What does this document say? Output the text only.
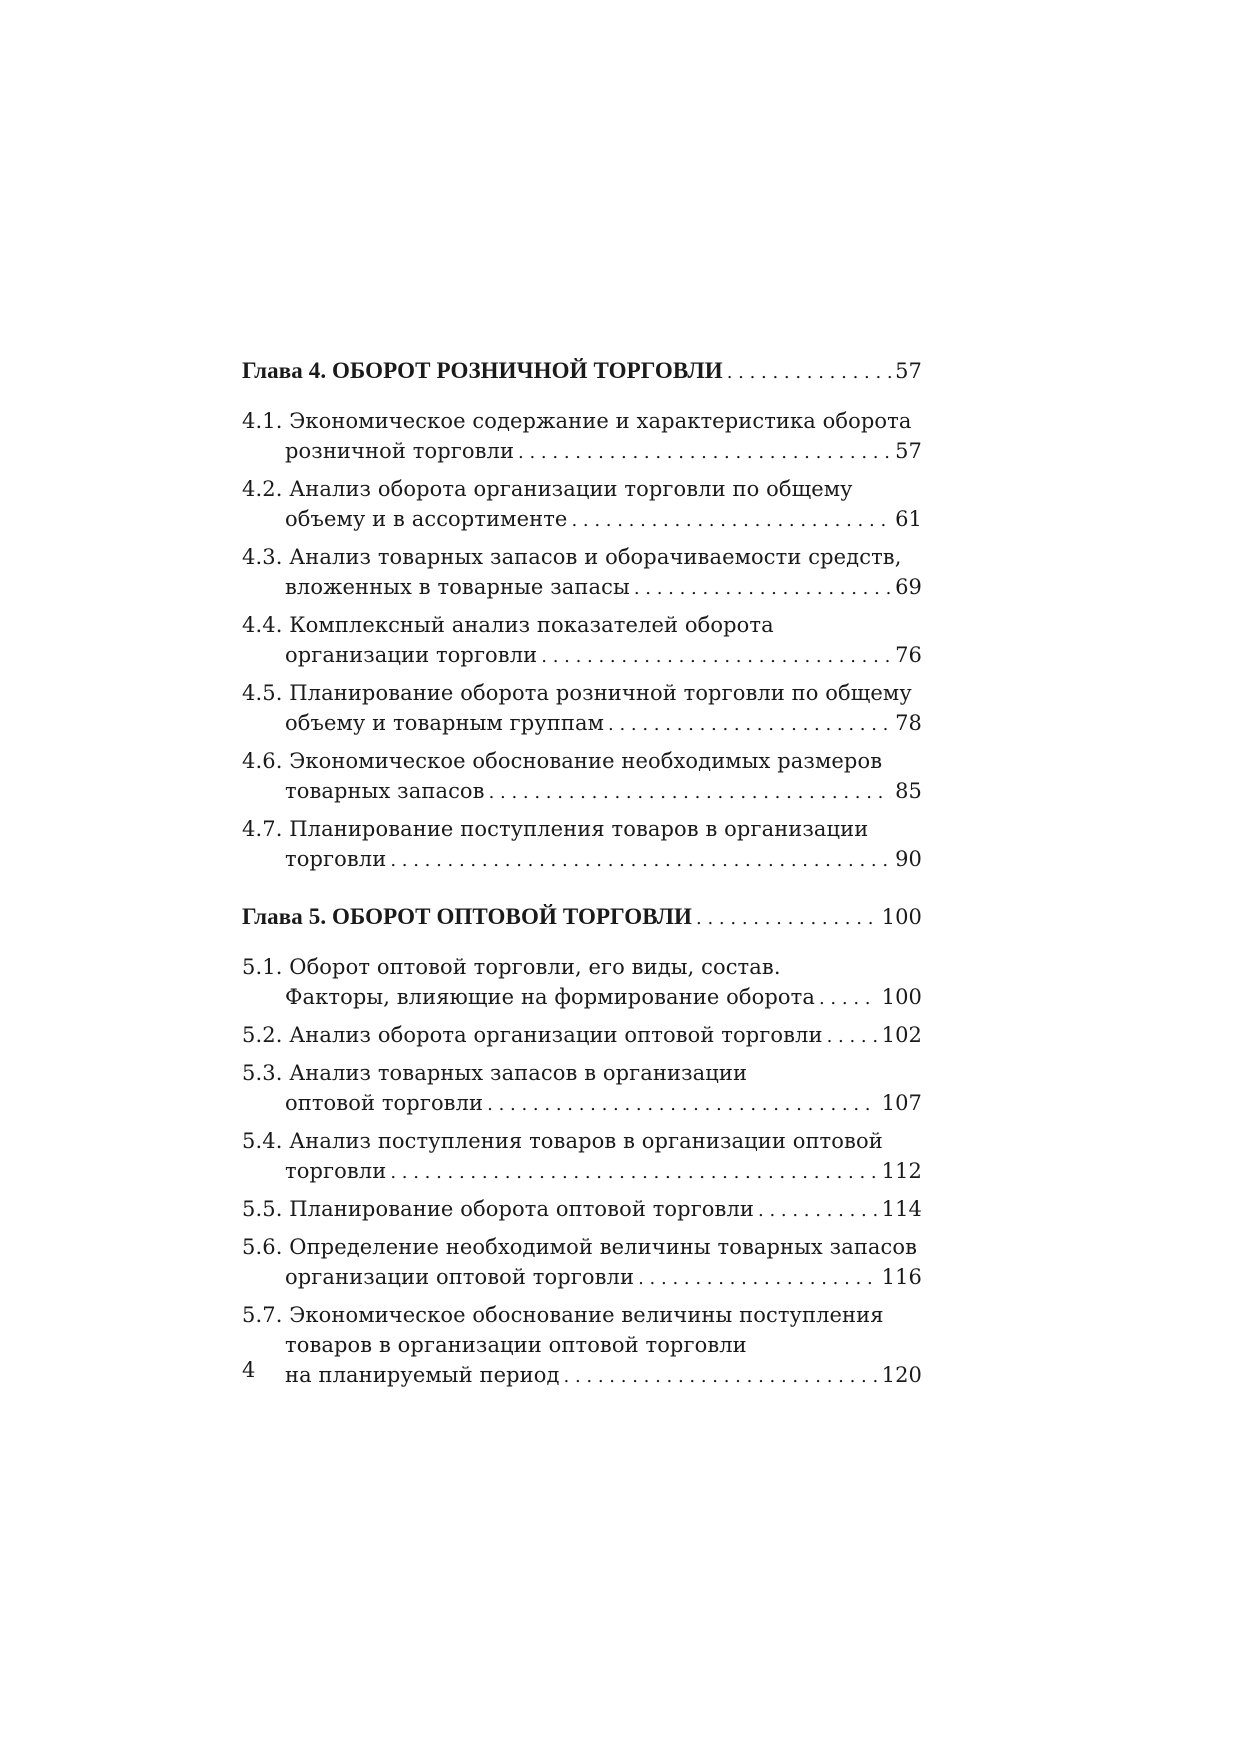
Глава 4. ОБОРОТ РОЗНИЧНОЙ ТОРГОВЛИ . . .	57
4.1. Экономическое содержание и характеристика оборота
розничной торговли . . .	57
4.2. Анализ оборота организации торговли по общему
объему и в ассортименте . . .	61
4.3. Анализ товарных запасов и оборачиваемости средств,
вложенных в товарные запасы . . .	69
4.4. Комплексный анализ показателей оборота
организации торговли . . .	76
4.5. Планирование оборота розничной торговли по общему
объему и товарным группам . . .	78
4.6. Экономическое обоснование необходимых размеров
товарных запасов . . .	85
4.7. Планирование поступления товаров в организации
торговли . . .	90
Глава 5. ОБОРОТ ОПТОВОЙ ТОРГОВЛИ . . .	100
5.1. Оборот оптовой торговли, его виды, состав.
Факторы, влияющие на формирование оборота . . .	100
5.2. Анализ оборота организации оптовой торговли . . .	102
5.3. Анализ товарных запасов в организации
оптовой торговли . . .	107
5.4. Анализ поступления товаров в организации оптовой
торговли . . .	112
5.5. Планирование оборота оптовой торговли . . .	114
5.6. Определение необходимой величины товарных запасов
организации оптовой торговли . . .	116
5.7. Экономическое обоснование величины поступления
товаров в организации оптовой торговли
на планируемый период . . .	120
4
